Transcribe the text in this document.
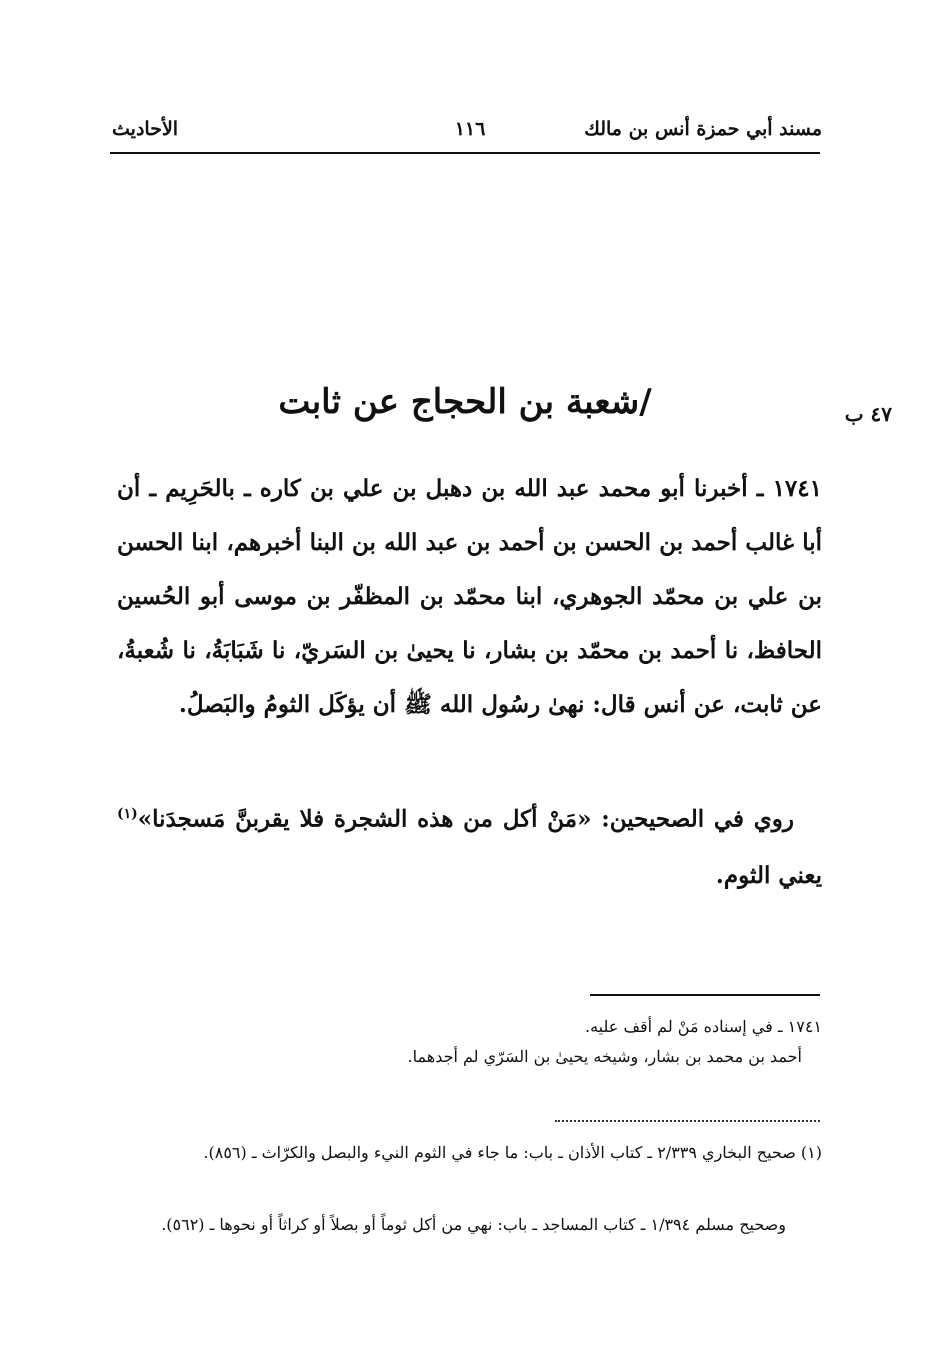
مسند أبي حمزة أنس بن مالك
١١٦
الأحاديث
٤٧ ب
/شعبة بن الحجاج عن ثابت
١٧٤١ ـ أخبرنا أبو محمد عبد الله بن دهبل بن علي بن كاره ـ بالحَرِيم ـ أن أبا غالب أحمد بن الحسن بن أحمد بن عبد الله بن البنا أخبرهم، ابنا الحسن بن علي بن محمّد الجوهري، ابنا محمّد بن المظفّر بن موسى أبو الحُسين الحافظ، نا أحمد بن محمّد بن بشار، نا يحيىٰ بن السَريّ، نا شَبَابَةُ، نا شُعبةُ، عن ثابت، عن أنس قال: نهىٰ رسُول الله ﷺ أن يؤكَل الثومُ والبَصلُ.
روي في الصحيحين: «مَنْ أكل من هذه الشجرة فلا يقربنَّ مَسجدَنا»$^{(١)}$ يعني الثوم.
١٧٤١ ـ في إسناده مَنْ لم أقف عليه.
أحمد بن محمد بن بشار، وشيخه يحيىٰ بن السَرّي لم أجدهما.
(١) صحيح البخاري ٢/٣٣٩ ـ كتاب الأذان ـ باب: ما جاء في الثوم النيء والبصل والكرّاث ـ (٨٥٦).
وصحيح مسلم ١/٣٩٤ ـ كتاب المساجد ـ باب: نهي من أكل ثوماً أو بصلاً أو كراثاً أو نحوها ـ (٥٦٢).
